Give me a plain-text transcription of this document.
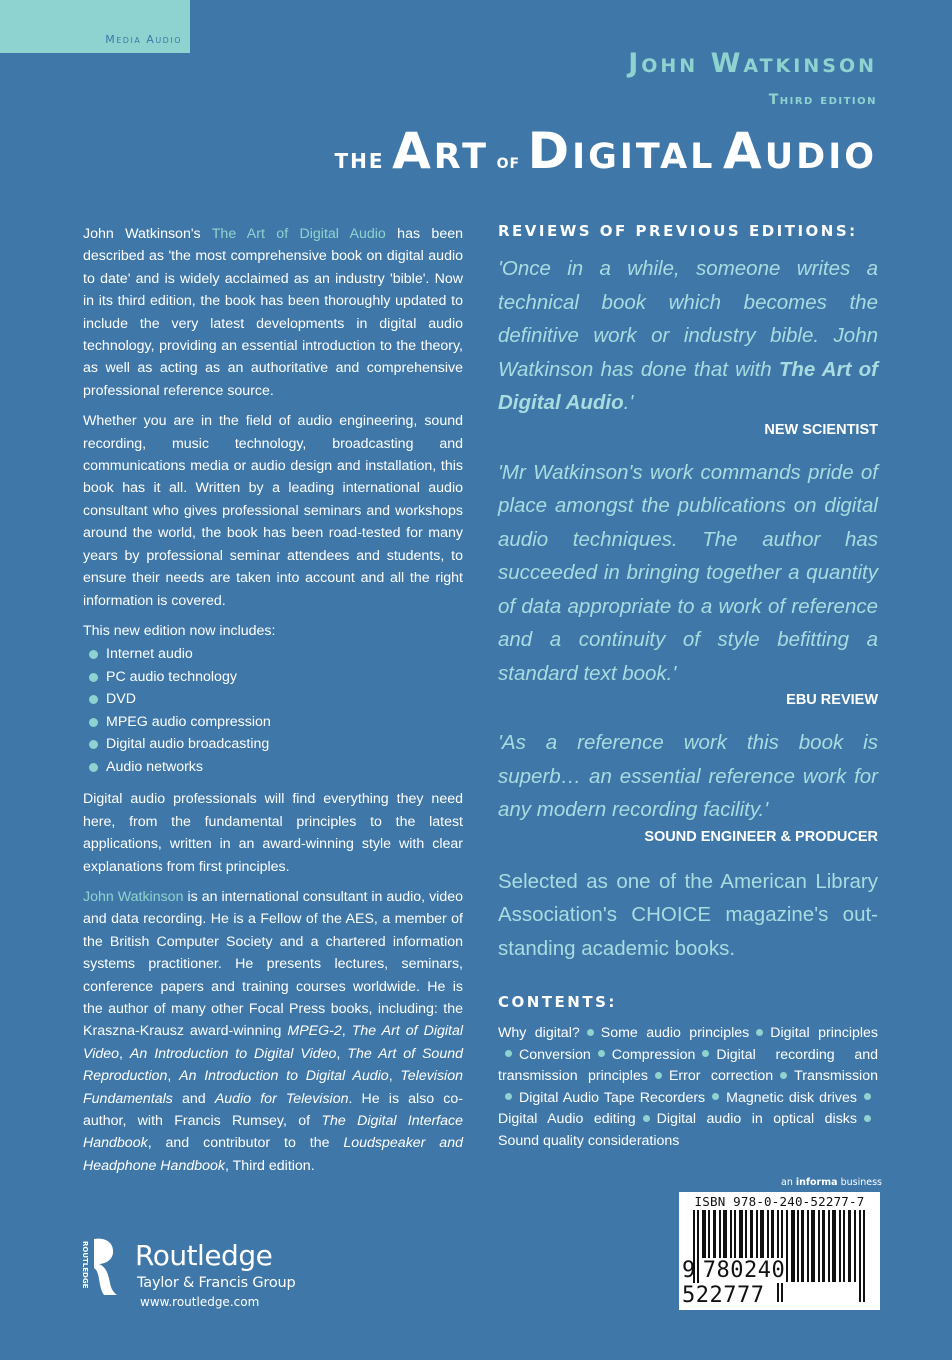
Media Audio
John Watkinson
Third edition
THE Art OF Digital Audio

John Watkinson's The Art of Digital Audio has been described as 'the most comprehensive book on digital audio to date' and is widely acclaimed as an industry 'bible'. Now in its third edition, the book has been thoroughly updated to include the very latest developments in digital audio technology, providing an essential introduction to the theory, as well as acting as an authoritative and comprehensive professional reference source.

Whether you are in the field of audio engineering, sound recording, music technology, broadcasting and communications media or audio design and installation, this book has it all. Written by a leading international audio consultant who gives professional seminars and workshops around the world, the book has been road-tested for many years by professional seminar attendees and students, to ensure their needs are taken into account and all the right information is covered.

This new edition now includes:
Internet audio
PC audio technology
DVD
MPEG audio compression
Digital audio broadcasting
Audio networks

Digital audio professionals will find everything they need here, from the fundamental principles to the latest applications, written in an award-winning style with clear explanations from first principles.

John Watkinson is an international consultant in audio, video and data recording. He is a Fellow of the AES, a member of the British Computer Society and a chartered information systems practitioner. He presents lectures, seminars, conference papers and training courses worldwide. He is the author of many other Focal Press books, including: the Kraszna-Krausz award-winning MPEG-2, The Art of Digital Video, An Introduction to Digital Video, The Art of Sound Reproduction, An Introduction to Digital Audio, Television Fundamentals and Audio for Television. He is also co-author, with Francis Rumsey, of The Digital Interface Handbook, and contributor to the Loudspeaker and Headphone Handbook, Third edition.

REVIEWS OF PREVIOUS EDITIONS:

'Once in a while, someone writes a technical book which becomes the definitive work or industry bible. John Watkinson has done that with The Art of Digital Audio.'

NEW SCIENTIST

'Mr Watkinson's work commands pride of place amongst the publications on digital audio techniques. The author has succeeded in bringing together a quantity of data appropriate to a work of reference and a continuity of style befitting a standard text book.'

EBU REVIEW

'As a reference work this book is superb… an essential reference work for any modern recording facility.'

SOUND ENGINEER & PRODUCER

Selected as one of the American Library Association's CHOICE magazine's out-standing academic books.

CONTENTS:

Why digital? Some audio principles Digital principlesConversion Compression Digital recording and transmission principles Error correction TransmissionDigital Audio Tape Recorders Magnetic disk drivesDigital Audio editing Digital audio in optical disksSound quality considerations

ROUTLEDGE Routledge
Taylor & Francis Group
www.routledge.com
an informa business
ISBN 978-0-240-52277-7
9 780240 522777
